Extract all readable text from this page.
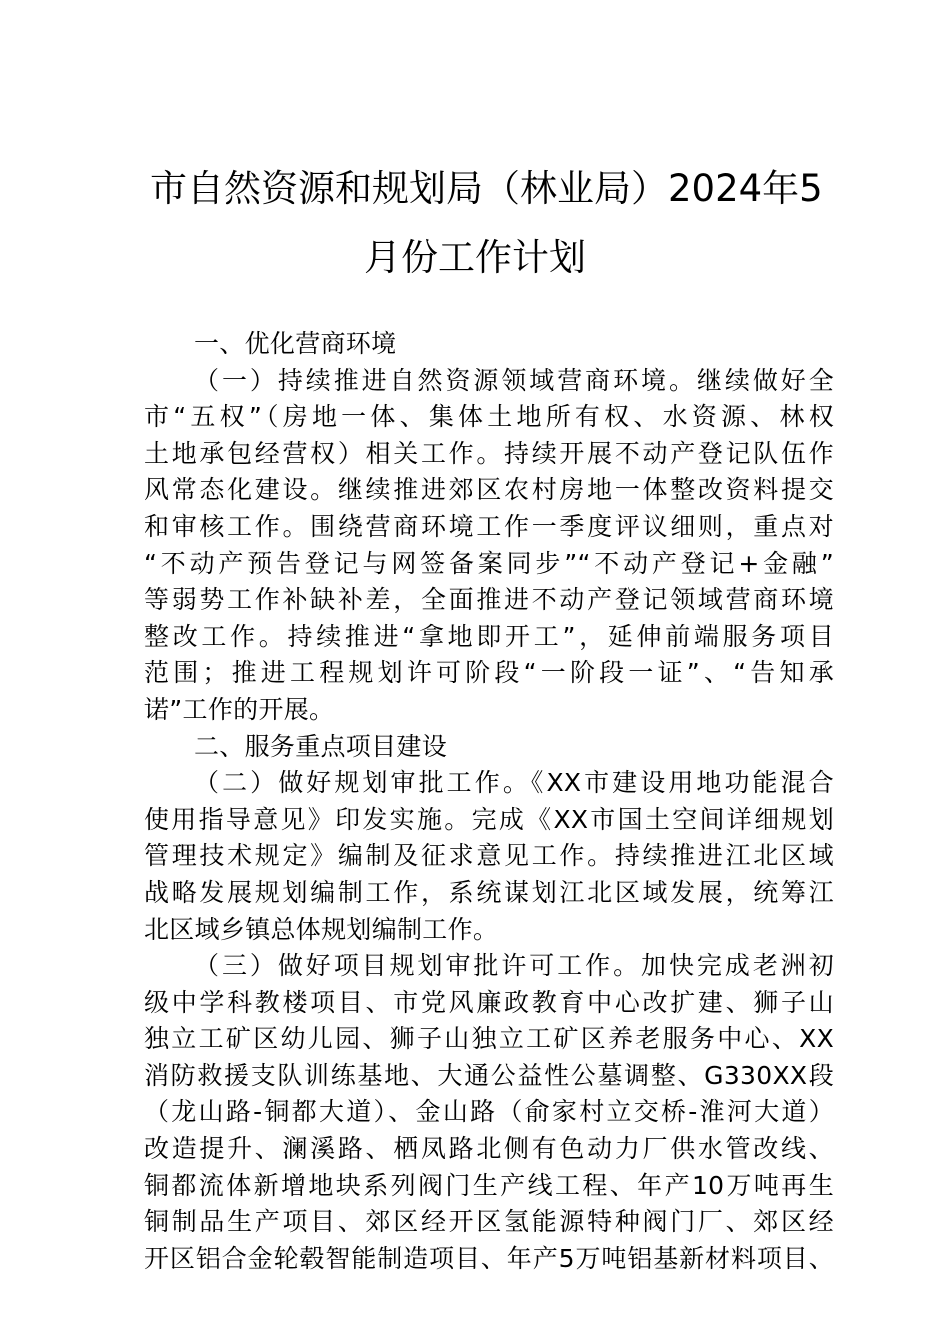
市自然资源和规划局（林业局）2024年5
月份工作计划
一、优化营商环境
（一）持续推进自然资源领域营商环境。继续做好全
市“五权”（房地一体、集体土地所有权、水资源、林权
土地承包经营权）相关工作。持续开展不动产登记队伍作
风常态化建设。继续推进郊区农村房地一体整改资料提交
和审核工作。围绕营商环境工作一季度评议细则，重点对
“不动产预告登记与网签备案同步”“不动产登记+金融”
等弱势工作补缺补差，全面推进不动产登记领域营商环境
整改工作。持续推进“拿地即开工”，延伸前端服务项目
范围；推进工程规划许可阶段“一阶段一证”、“告知承
诺”工作的开展。
二、服务重点项目建设
（二）做好规划审批工作。《XX市建设用地功能混合
使用指导意见》印发实施。完成《XX市国土空间详细规划
管理技术规定》编制及征求意见工作。持续推进江北区域
战略发展规划编制工作，系统谋划江北区域发展，统筹江
北区域乡镇总体规划编制工作。
（三）做好项目规划审批许可工作。加快完成老洲初
级中学科教楼项目、市党风廉政教育中心改扩建、狮子山
独立工矿区幼儿园、狮子山独立工矿区养老服务中心、XX
消防救援支队训练基地、大通公益性公墓调整、G330XX段
（龙山路-铜都大道）、金山路（俞家村立交桥-淮河大道）
改造提升、澜溪路、栖凤路北侧有色动力厂供水管改线、
铜都流体新增地块系列阀门生产线工程、年产10万吨再生
铜制品生产项目、郊区经开区氢能源特种阀门厂、郊区经
开区铝合金轮毂智能制造项目、年产5万吨铝基新材料项目、
